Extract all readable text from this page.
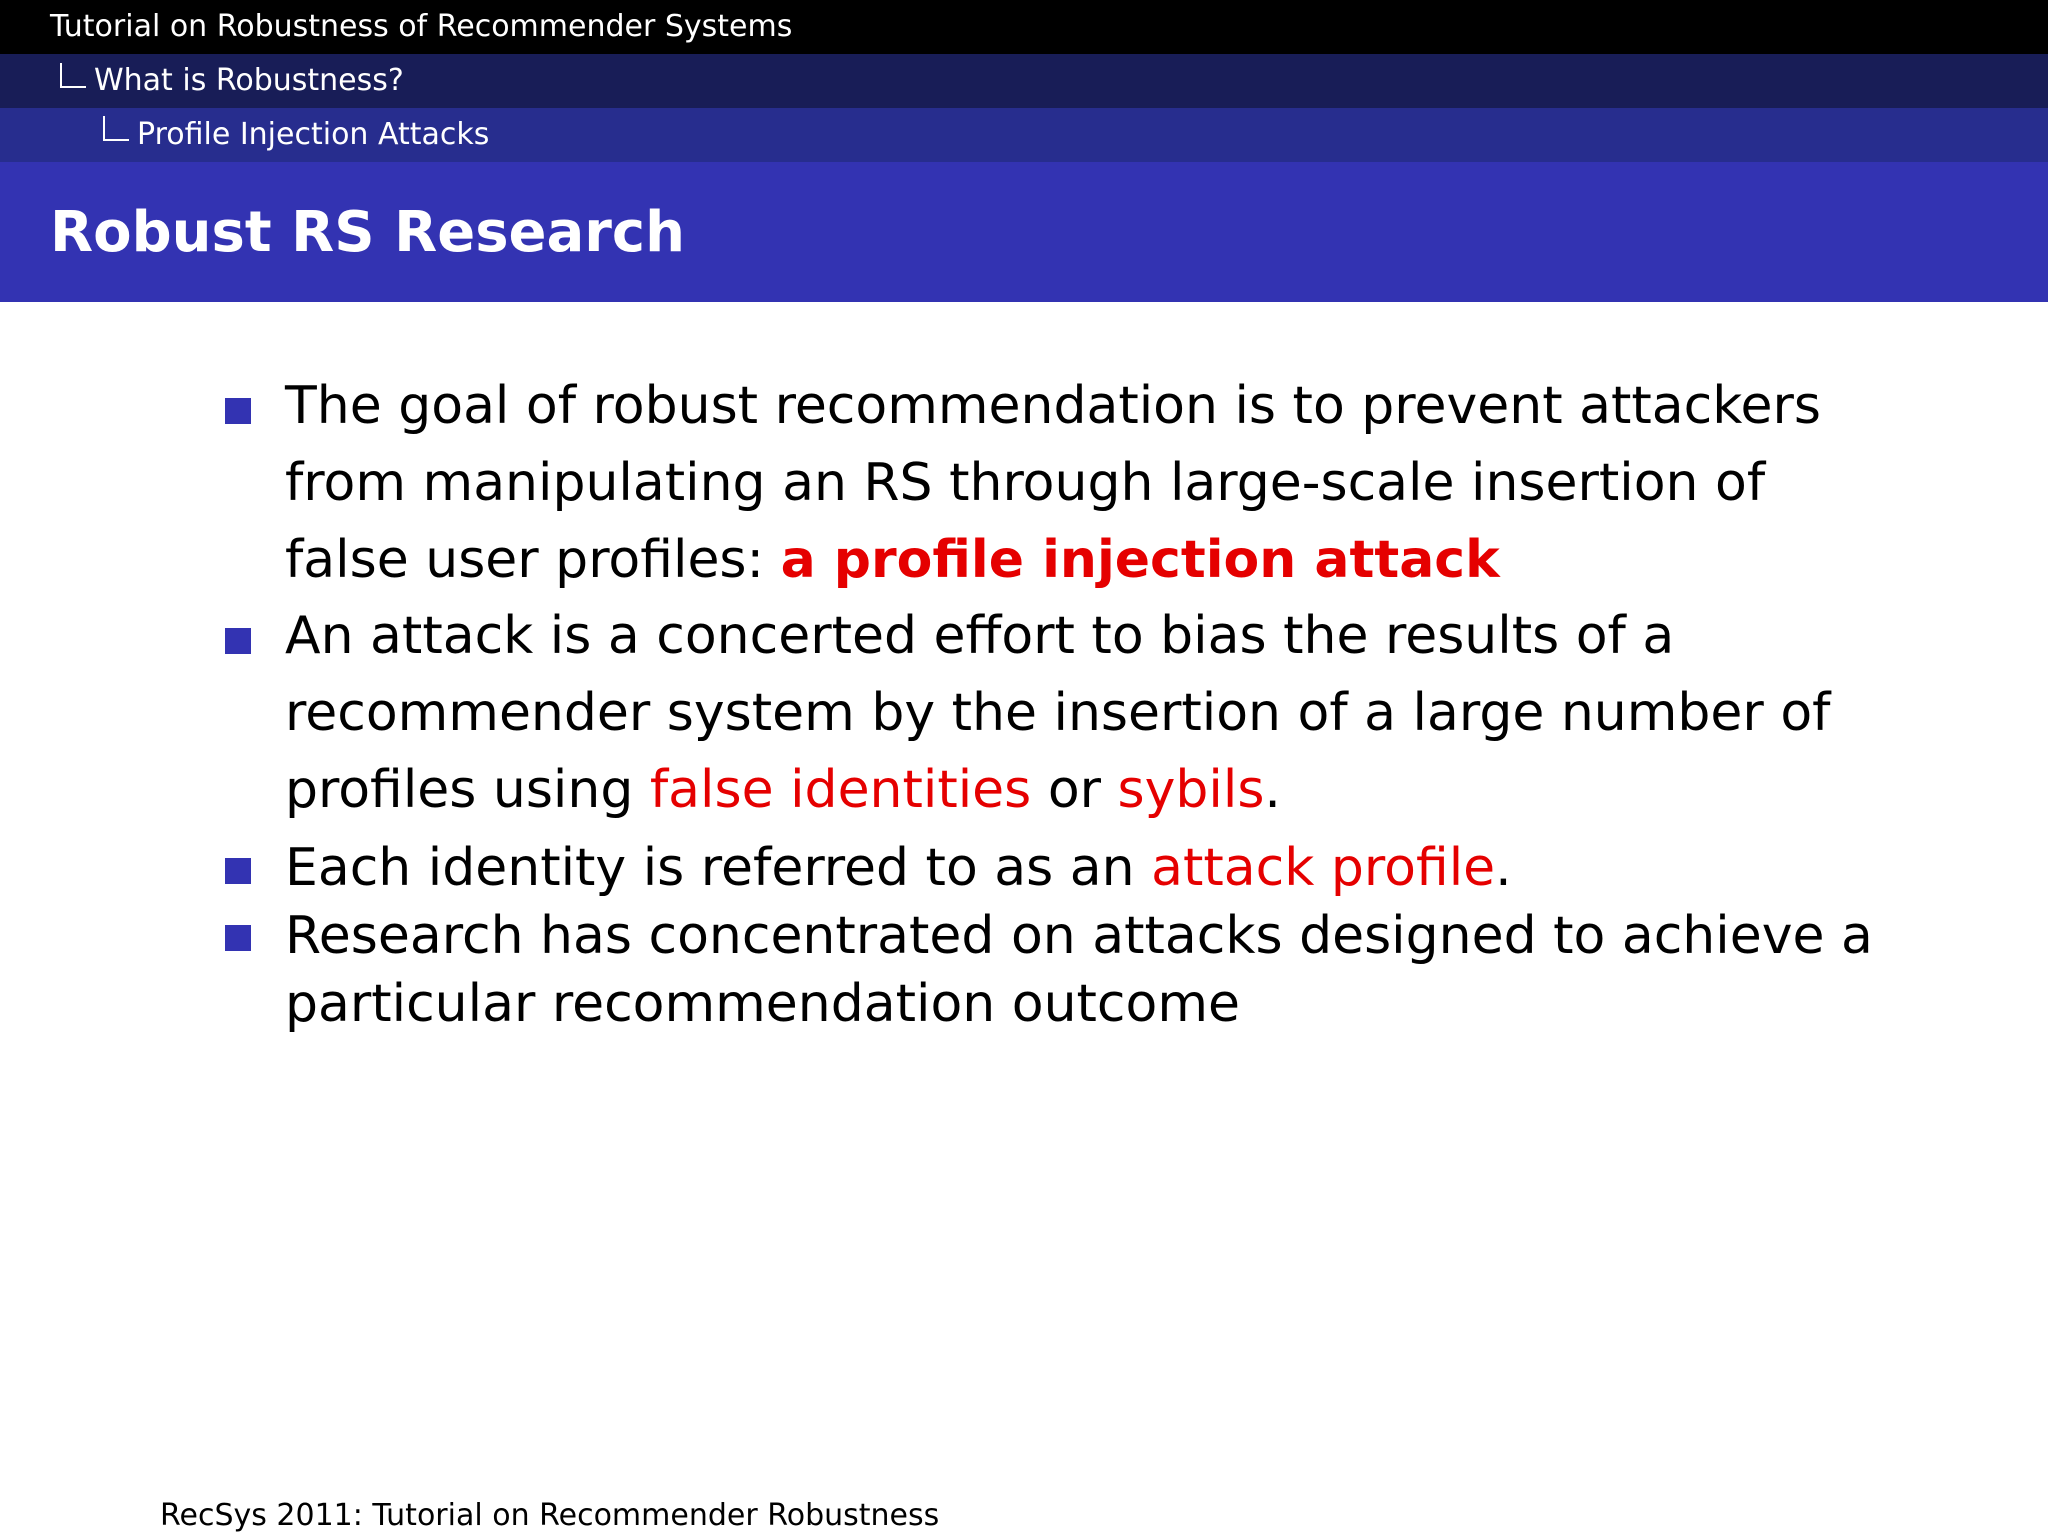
Tutorial on Robustness of Recommender Systems
What is Robustness?
Profile Injection Attacks
Robust RS Research
The goal of robust recommendation is to prevent attackers from manipulating an RS through large-scale insertion of false user profiles: a profile injection attack
An attack is a concerted effort to bias the results of a recommender system by the insertion of a large number of profiles using false identities or sybils.
Each identity is referred to as an attack profile.
Research has concentrated on attacks designed to achieve a particular recommendation outcome
RecSys 2011: Tutorial on Recommender Robustness
